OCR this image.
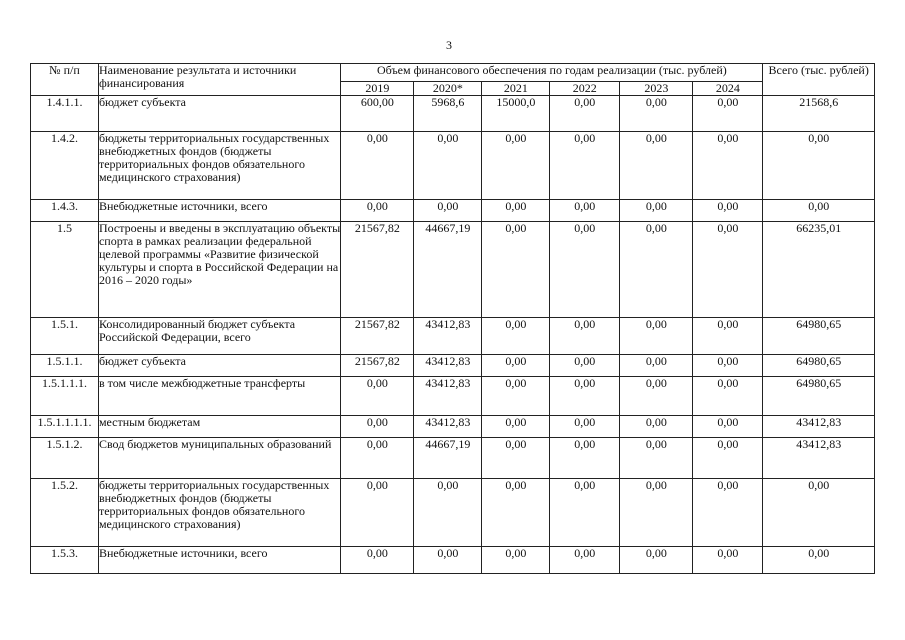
3
№ п/п	Наименование результата и источники финансирования	Объем финансового обеспечения по годам реализации (тыс. рублей)						Всего (тыс. рублей)
		2019	2020*	2021	2022	2023	2024	
1.4.1.1.	бюджет субъекта	600,00	5968,6	15000,0	0,00	0,00	0,00	21568,6
1.4.2.	бюджеты территориальных государственных внебюджетных фондов (бюджеты территориальных фондов обязательного медицинского страхования)	0,00	0,00	0,00	0,00	0,00	0,00	0,00
1.4.3.	Внебюджетные источники, всего	0,00	0,00	0,00	0,00	0,00	0,00	0,00
1.5	Построены и введены в эксплуатацию объекты спорта в рамках реализации федеральной целевой программы «Развитие физической культуры и спорта в Российской Федерации на 2016 – 2020 годы»	21567,82	44667,19	0,00	0,00	0,00	0,00	66235,01
1.5.1.	Консолидированный бюджет субъекта Российской Федерации, всего	21567,82	43412,83	0,00	0,00	0,00	0,00	64980,65
1.5.1.1.	бюджет субъекта	21567,82	43412,83	0,00	0,00	0,00	0,00	64980,65
1.5.1.1.1.	в том числе межбюджетные трансферты	0,00	43412,83	0,00	0,00	0,00	0,00	64980,65
1.5.1.1.1.1.	местным бюджетам	0,00	43412,83	0,00	0,00	0,00	0,00	43412,83
1.5.1.2.	Свод бюджетов муниципальных образований	0,00	44667,19	0,00	0,00	0,00	0,00	43412,83
1.5.2.	бюджеты территориальных государственных внебюджетных фондов (бюджеты территориальных фондов обязательного медицинского страхования)	0,00	0,00	0,00	0,00	0,00	0,00	0,00
1.5.3.	Внебюджетные источники, всего	0,00	0,00	0,00	0,00	0,00	0,00	0,00
